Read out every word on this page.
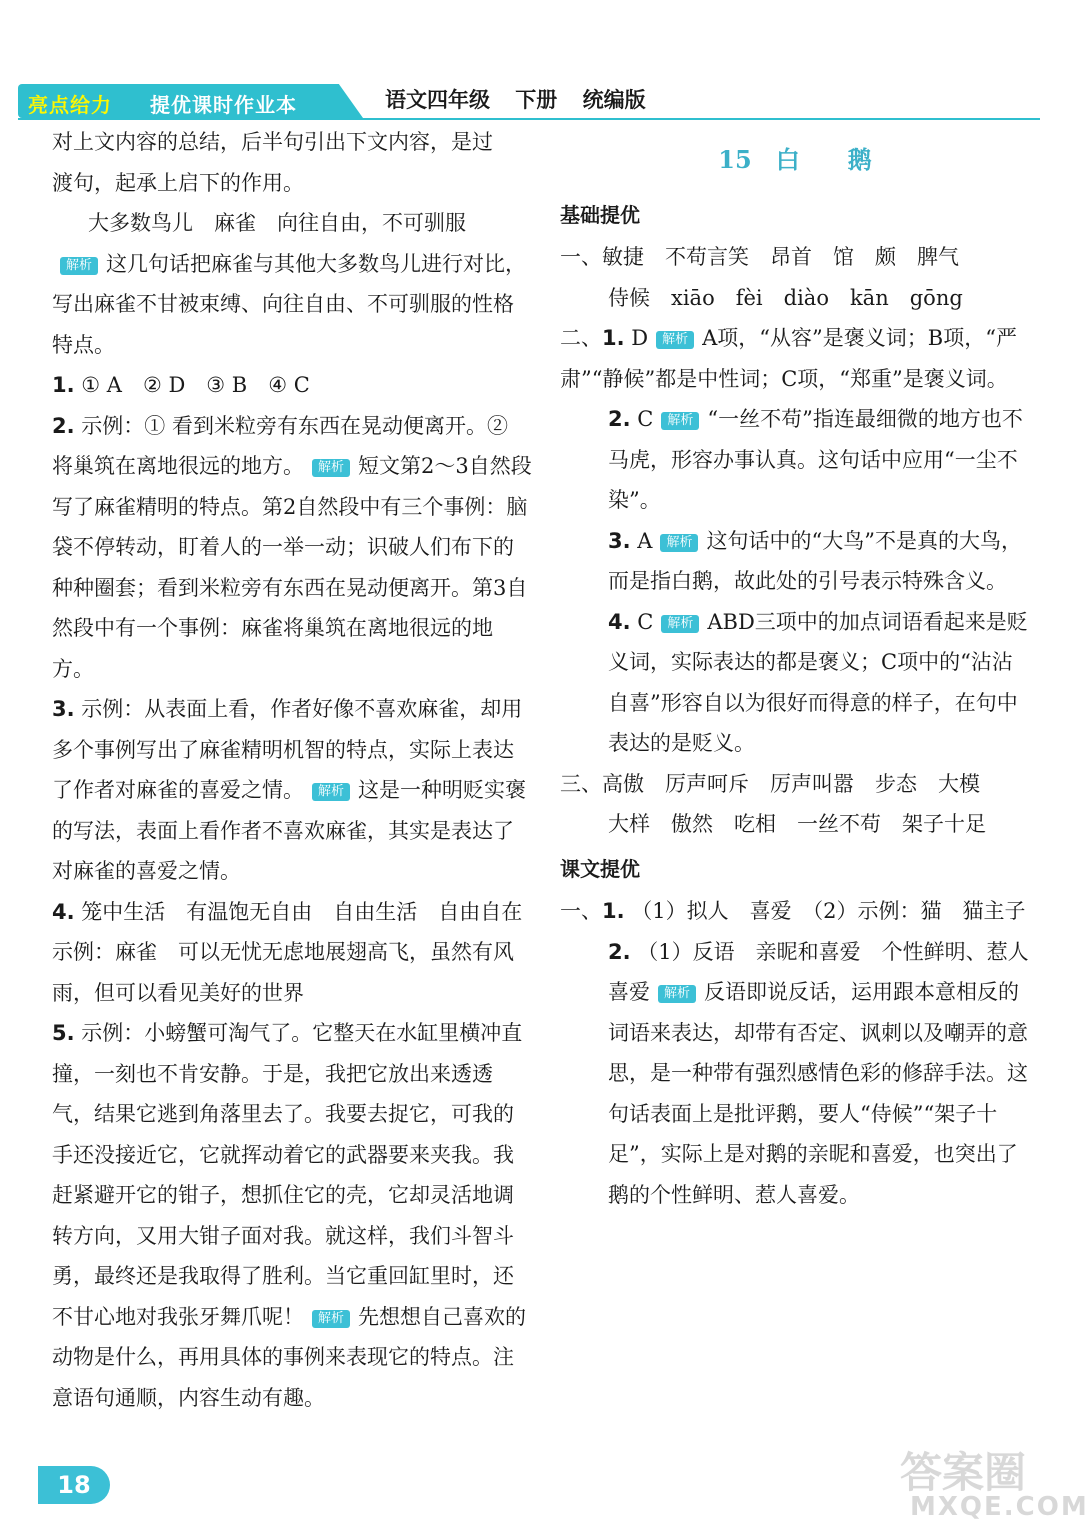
亮点给力 提优课时作业本	语文四年级 下册 统编版

对上文内容的总结，后半句引出下文内容，是过

渡句，起承上启下的作用。

大多数鸟儿　麻雀　向往自由，不可驯服

解析 这几句话把麻雀与其他大多数鸟儿进行对比，写出麻雀不甘被束缚、向往自由、不可驯服的性格特点。

1. ① A　② D　③ B　④ C

2. 示例：① 看到米粒旁有东西在晃动便离开。② 将巢筑在离地很远的地方。 解析 短文第2～3自然段写了麻雀精明的特点。第2自然段中有三个事例：脑袋不停转动，盯着人的一举一动；识破人们布下的种种圈套；看到米粒旁有东西在晃动便离开。第3自然段中有一个事例：麻雀将巢筑在离地很远的地方。

3. 示例：从表面上看，作者好像不喜欢麻雀，却用多个事例写出了麻雀精明机智的特点，实际上表达了作者对麻雀的喜爱之情。 解析 这是一种明贬实褒的写法，表面上看作者不喜欢麻雀，其实是表达了对麻雀的喜爱之情。

4. 笼中生活　有温饱无自由　自由生活　自由自在　示例：麻雀　可以无忧无虑地展翅高飞，虽然有风雨，但可以看见美好的世界

5. 示例：小螃蟹可淘气了。它整天在水缸里横冲直撞，一刻也不肯安静。于是，我把它放出来透透气，结果它逃到角落里去了。我要去捉它，可我的手还没接近它，它就挥动着它的武器要来夹我。我赶紧避开它的钳子，想抓住它的壳，它却灵活地调转方向，又用大钳子面对我。就这样，我们斗智斗勇，最终还是我取得了胜利。当它重回缸里时，还不甘心地对我张牙舞爪呢！ 解析 先想想自己喜欢的动物是什么，再用具体的事例来表现它的特点。注意语句通顺，内容生动有趣。

15　白　　鹅
基础提优

一、敏捷　不苟言笑　昂首　馆　颇　脾气

侍候　xiāo　fèi　diào　kān　gōng

二、1. D 解析 A项，“从容”是褒义词；B项，“严肃”“静候”都是中性词；C项，“郑重”是褒义词。

2. C 解析 “一丝不苟”指连最细微的地方也不马虎，形容办事认真。这句话中应用“一尘不染”。

3. A 解析 这句话中的“大鸟”不是真的大鸟，而是指白鹅，故此处的引号表示特殊含义。

4. C 解析 ABD三项中的加点词语看起来是贬义词，实际表达的都是褒义；C项中的“沾沾自喜”形容自以为很好而得意的样子，在句中表达的是贬义。

三、高傲　厉声呵斥　厉声叫嚣　步态　大模

大样　傲然　吃相　一丝不苟　架子十足

课文提优

一、1. （1）拟人　喜爱　（2）示例：猫　猫主子

2. （1）反语　亲昵和喜爱　个性鲜明、惹人喜爱 解析 反语即说反话，运用跟本意相反的词语来表达，却带有否定、讽刺以及嘲弄的意思，是一种带有强烈感情色彩的修辞手法。这句话表面上是批评鹅，要人“侍候”“架子十足”，实际上是对鹅的亲昵和喜爱，也突出了鹅的个性鲜明、惹人喜爱。

18	答案圈
MXQE.COM
